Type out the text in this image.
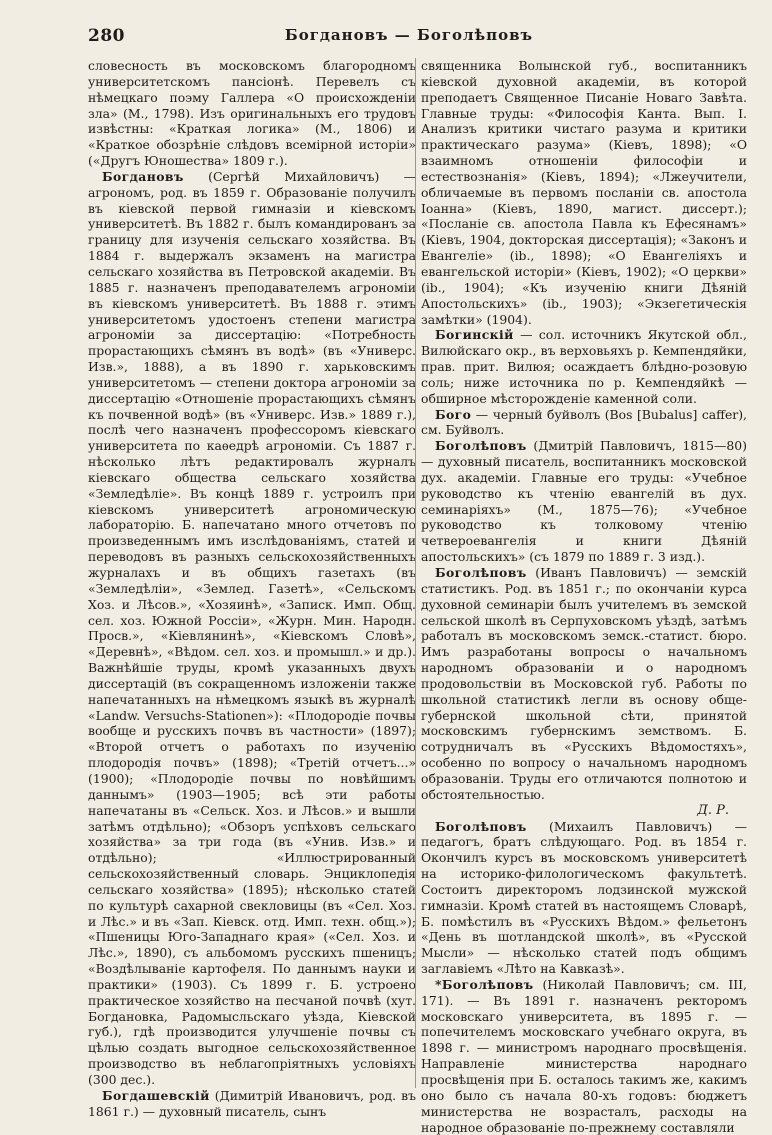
280	Богдановъ — Боголѣповъ

словесность въ московскомъ благородномъ университетскомъ пансіонѣ. Перевелъ съ нѣмецкаго поэму Галлера «О происхожденіи зла» (М., 1798). Изъ оригинальныхъ его трудовъ извѣстны: «Краткая логика» (М., 1806) и «Краткое обозрѣніе слѣдовъ всемірной исторіи» («Другъ Юношества» 1809 г.).

Богдановъ (Сергѣй Михайловичъ) — агрономъ, род. въ 1859 г. Образованіе получилъ въ кіевской первой гимназіи и кіевскомъ университетѣ. Въ 1882 г. былъ командированъ за границу для изученія сельскаго хозяйства. Въ 1884 г. выдержалъ экзаменъ на магистра сельскаго хозяйства въ Петровской академіи. Въ 1885 г. назначенъ преподавателемъ агрономіи въ кіевскомъ университетѣ. Въ 1888 г. этимъ университетомъ удостоенъ степени магистра агрономіи за диссертацію: «Потребность прорастающихъ сѣмянъ въ водѣ» (въ «Универс. Изв.», 1888), а въ 1890 г. харьковскимъ университетомъ — степени доктора агрономіи за диссертацію «Отношеніе прорастающихъ сѣмянъ къ почвенной водѣ» (въ «Универс. Изв.» 1889 г.), послѣ чего назначенъ профессоромъ кіевскаго университета по каѳедрѣ агрономіи. Съ 1887 г. нѣсколько лѣтъ редактировалъ журналъ кіевскаго общества сельскаго хозяйства «Земледѣліе». Въ концѣ 1889 г. устроилъ при кіевскомъ университетѣ агрономическую лабораторію. Б. напечатано много отчетовъ по произведеннымъ имъ изслѣдованіямъ, статей и переводовъ въ разныхъ сельскохозяйственныхъ журналахъ и въ общихъ газетахъ (въ «Земледѣліи», «Землед. Газетѣ», «Сельскомъ Хоз. и Лѣсов.», «Хозяинѣ», «Запиcк. Имп. Общ. сел. хоз. Южной Россіи», «Журн. Мин. Народн. Просв.», «Кіевлянинѣ», «Кіевскомъ Словѣ», «Деревнѣ», «Вѣдом. сел. хоз. и промышл.» и др.). Важнѣйшіе труды, кромѣ указанныхъ двухъ диссертацій (въ сокращенномъ изложеніи также напечатанныхъ на нѣмецкомъ языкѣ въ журналѣ «Landw. Versuchs-Stationen»): «Плодородіе почвы вообще и русскихъ почвъ въ частности» (1897); «Второй отчетъ о работахъ по изученію плодородія почвъ» (1898); «Третій отчетъ...» (1900); «Плодородіе почвы по новѣйшимъ даннымъ» (1903—1905; всѣ эти работы напечатаны въ «Сельск. Хоз. и Лѣсов.» и вышли затѣмъ отдѣльно); «Обзоръ успѣховъ сельскаго хозяйства» за три года (въ «Унив. Изв.» и отдѣльно); «Иллюстрированный сельскохозяйственный словарь. Энциклопедія сельскаго хозяйства» (1895); нѣсколько статей по культурѣ сахарной свекловицы (въ «Сел. Хоз. и Лѣс.» и въ «Зап. Кіевск. отд. Имп. техн. общ.»); «Пшеницы Юго-Западнаго края» («Сел. Хоз. и Лѣс.», 1890), съ альбомомъ русскихъ пшеницъ; «Воздѣлываніе картофеля. По даннымъ науки и практики» (1903). Съ 1899 г. Б. устроено практическое хозяйство на песчаной почвѣ (хут. Богдановка, Радомысльскаго уѣзда, Кіевской губ.), гдѣ производится улучшеніе почвы съ цѣлью создать выгодное сельскохозяйственное производство въ неблагопріятныхъ условіяхъ (300 дес.).

Богдашевскій (Димитрій Ивановичъ, род. въ 1861 г.) — духовный писатель, сынъ

священника Волынской губ., воспитанникъ кіевской духовной академіи, въ которой преподаетъ Священное Писаніе Новаго Завѣта. Главные труды: «Философія Канта. Вып. I. Анализъ критики чистаго разума и критики практическаго разума» (Кіевъ, 1898); «О взаимномъ отношеніи философіи и естествознанія» (Кіевъ, 1894); «Лжеучители, обличаемые въ первомъ посланіи св. апостола Іоанна» (Кіевъ, 1890, магист. диссерт.); «Посланіе св. апостола Павла къ Ефесянамъ» (Кіевъ, 1904, докторская диссертація); «Законъ и Евангеліе» (ib., 1898); «О Евангеліяхъ и евангельской исторіи» (Кіевъ, 1902); «О церкви» (ib., 1904); «Къ изученію книги Дѣяній Апостольскихъ» (ib., 1903); «Экзегетическія замѣтки» (1904).

Богинскій — сол. источникъ Якутской обл., Вилюйскаго окр., въ верховьяхъ р. Кемпендяйки, прав. прит. Вилюя; осаждаетъ блѣдно-розовую соль; ниже источника по р. Кемпендяйкѣ — обширное мѣсторожденіе каменной соли.

Бого — черный буйволъ (Bos [Bubalus] caffer), см. Буйволъ.

Боголѣповъ (Дмитрій Павловичъ, 1815—80) — духовный писатель, воспитанникъ московской дух. академіи. Главные его труды: «Учебное руководство къ чтенію евангелій въ дух. семинаріяхъ» (М., 1875—76); «Учебное руководство къ толковому чтенію четвероевангелія и книги Дѣяній апостольскихъ» (съ 1879 по 1889 г. 3 изд.).

Боголѣповъ (Иванъ Павловичъ) — земскій статистикъ. Род. въ 1851 г.; по окончаніи курса духовной семинаріи былъ учителемъ въ земской сельской школѣ въ Серпуховскомъ уѣздѣ, затѣмъ работалъ въ московскомъ земск.-статист. бюро. Имъ разработаны вопросы о начальномъ народномъ образованіи и о народномъ продовольствіи въ Московской губ. Работы по школьной статистикѣ легли въ основу обще-губернской школьной сѣти, принятой московскимъ губернскимъ земствомъ. Б. сотрудничалъ въ «Русскихъ Вѣдомостяхъ», особенно по вопросу о начальномъ народномъ образованіи. Труды его отличаются полнотою и обстоятельностью.

Д. Р.

Боголѣповъ (Михаилъ Павловичъ) — педагогъ, братъ слѣдующаго. Род. въ 1854 г. Окончилъ курсъ въ московскомъ университетѣ на историко-филологическомъ факультетѣ. Состоитъ директоромъ лодзинской мужской гимназіи. Кромѣ статей въ настоящемъ Словарѣ, Б. помѣстилъ въ «Русскихъ Вѣдом.» фельетонъ «День въ шотландской школѣ», въ «Русской Мысли» — нѣсколько статей подъ общимъ заглавіемъ «Лѣто на Кавказѣ».

*Боголѣповъ (Николай Павловичъ; см. III, 171). — Въ 1891 г. назначенъ ректоромъ московскаго университета, въ 1895 г. — попечителемъ московскаго учебнаго округа, въ 1898 г. — министромъ народнаго просвѣщенія. Направленіе министерства народнаго просвѣщенія при Б. осталось такимъ же, какимъ оно было съ начала 80-хъ годовъ: бюджетъ министерства не возрасталъ, расходы на народное образованіе по-прежнему составляли
